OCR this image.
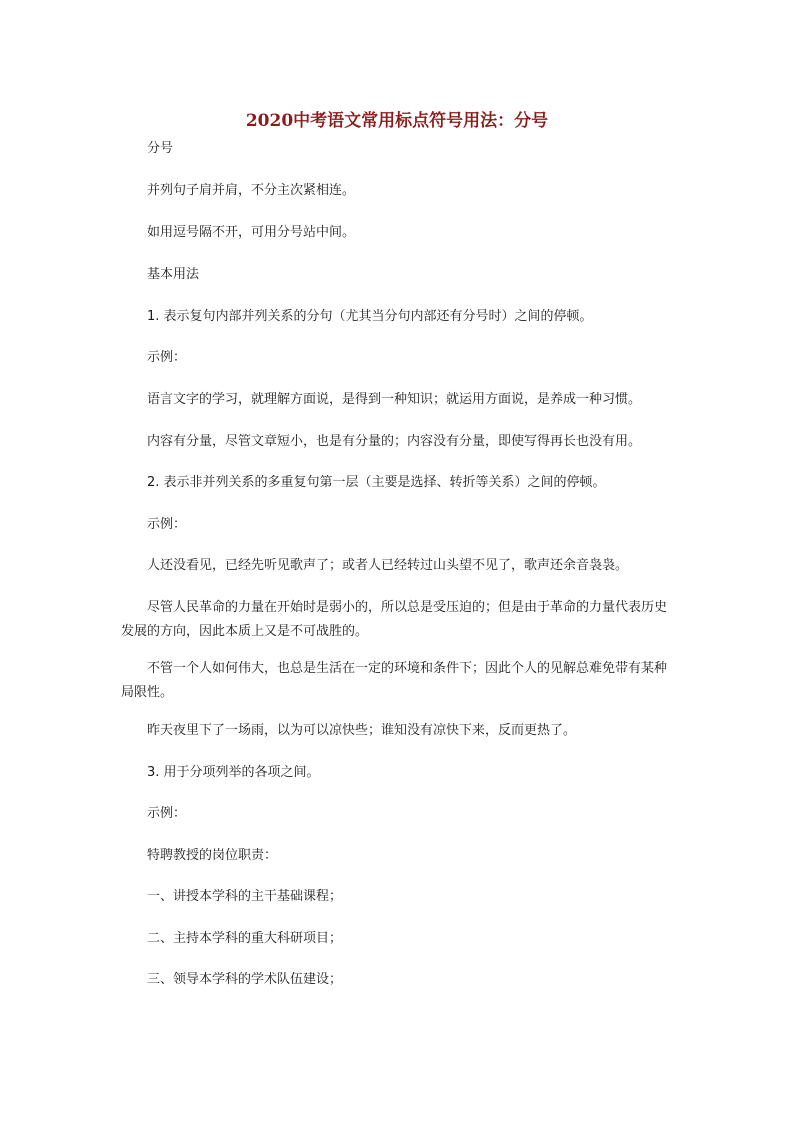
2020中考语文常用标点符号用法：分号

分号

并列句子肩并肩，不分主次紧相连。

如用逗号隔不开，可用分号站中间。

基本用法

1. 表示复句内部并列关系的分句（尤其当分句内部还有分号时）之间的停顿。

示例：

语言文字的学习，就理解方面说，是得到一种知识；就运用方面说，是养成一种习惯。

内容有分量，尽管文章短小，也是有分量的；内容没有分量，即使写得再长也没有用。

2. 表示非并列关系的多重复句第一层（主要是选择、转折等关系）之间的停顿。

示例：

人还没看见，已经先听见歌声了；或者人已经转过山头望不见了，歌声还余音袅袅。

尽管人民革命的力量在开始时是弱小的，所以总是受压迫的；但是由于革命的力量代表历史发展的方向，因此本质上又是不可战胜的。

不管一个人如何伟大，也总是生活在一定的环境和条件下；因此个人的见解总难免带有某种局限性。

昨天夜里下了一场雨，以为可以凉快些；谁知没有凉快下来，反而更热了。

3. 用于分项列举的各项之间。

示例：

特聘教授的岗位职责：

一、讲授本学科的主干基础课程；

二、主持本学科的重大科研项目；

三、领导本学科的学术队伍建设；
